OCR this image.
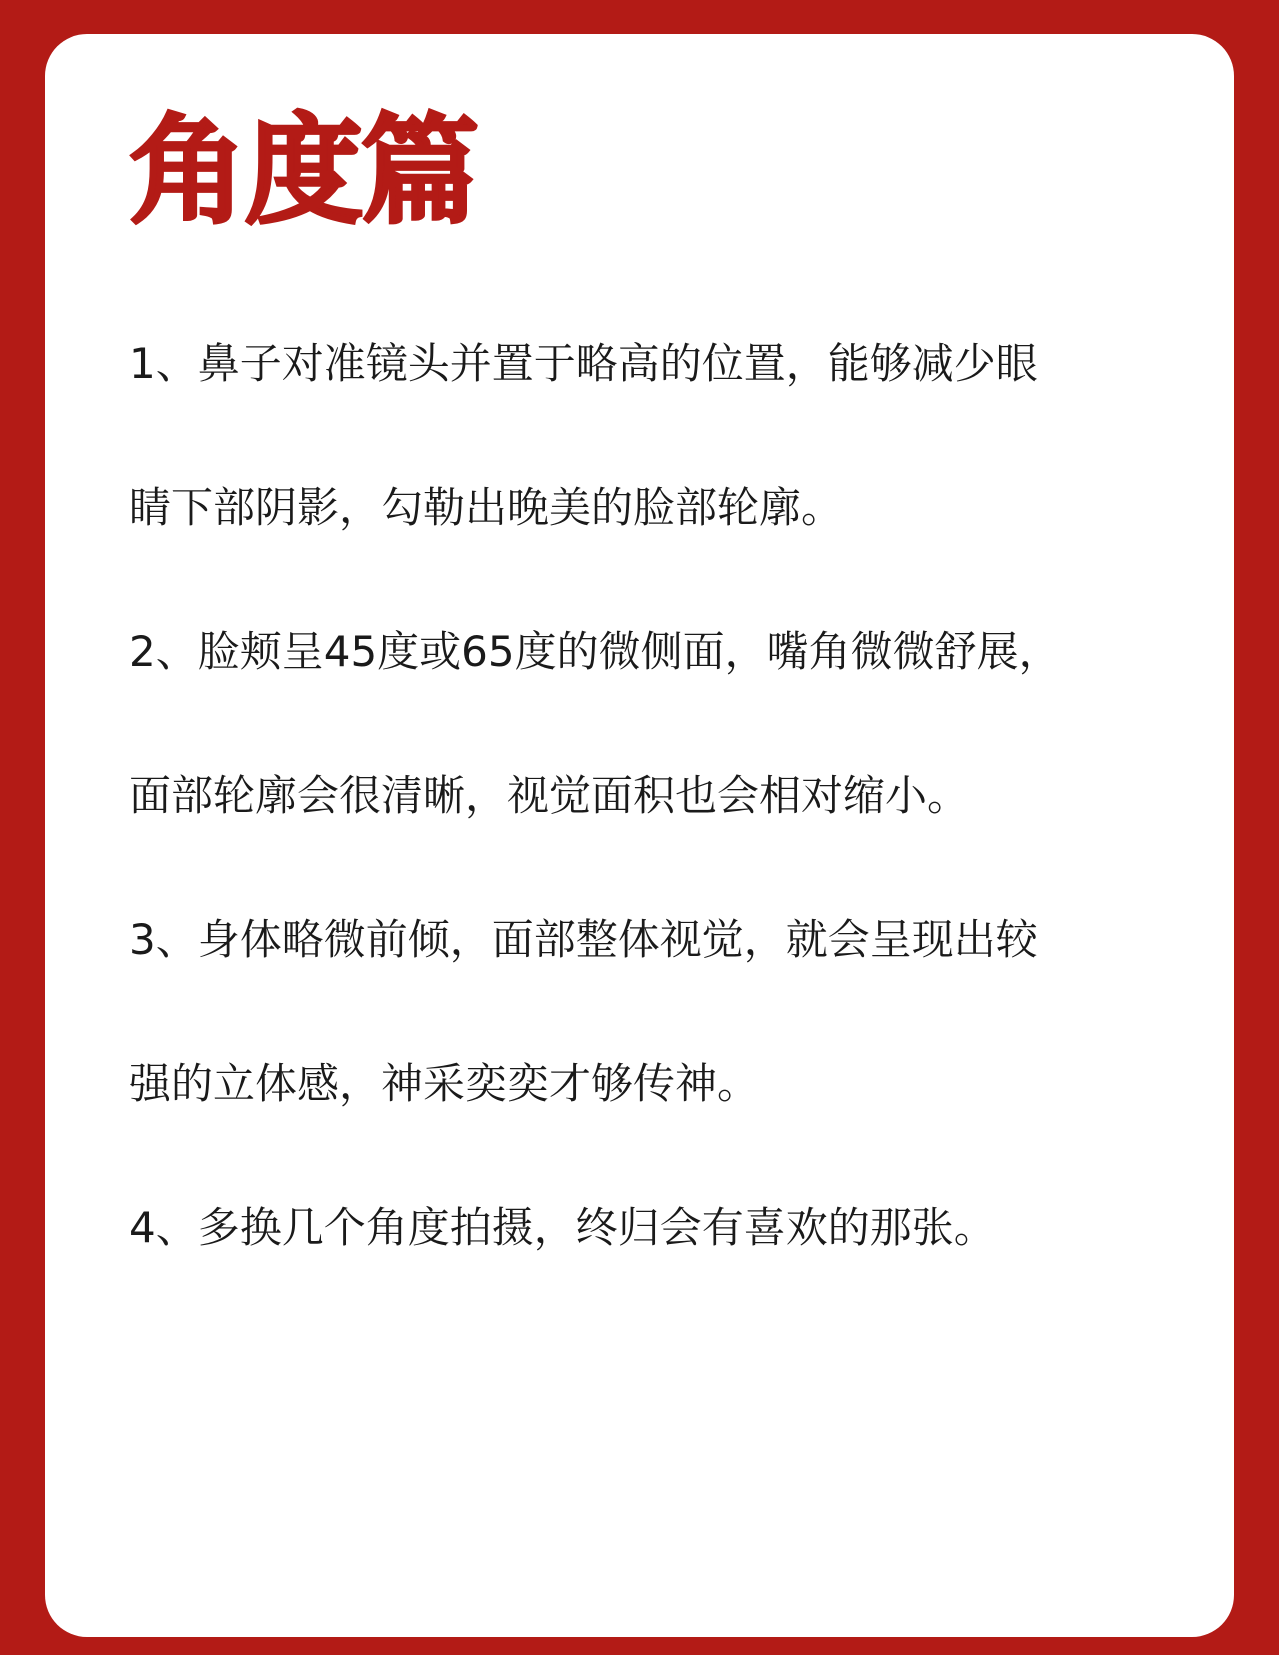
角度篇
1、鼻子对准镜头并置于略高的位置，能够减少眼
睛下部阴影，勾勒出晚美的脸部轮廓。
2、脸颊呈45度或65度的微侧面，嘴角微微舒展，
面部轮廓会很清晰，视觉面积也会相对缩小。
3、身体略微前倾，面部整体视觉，就会呈现出较
强的立体感，神采奕奕才够传神。
4、多换几个角度拍摄，终归会有喜欢的那张。
